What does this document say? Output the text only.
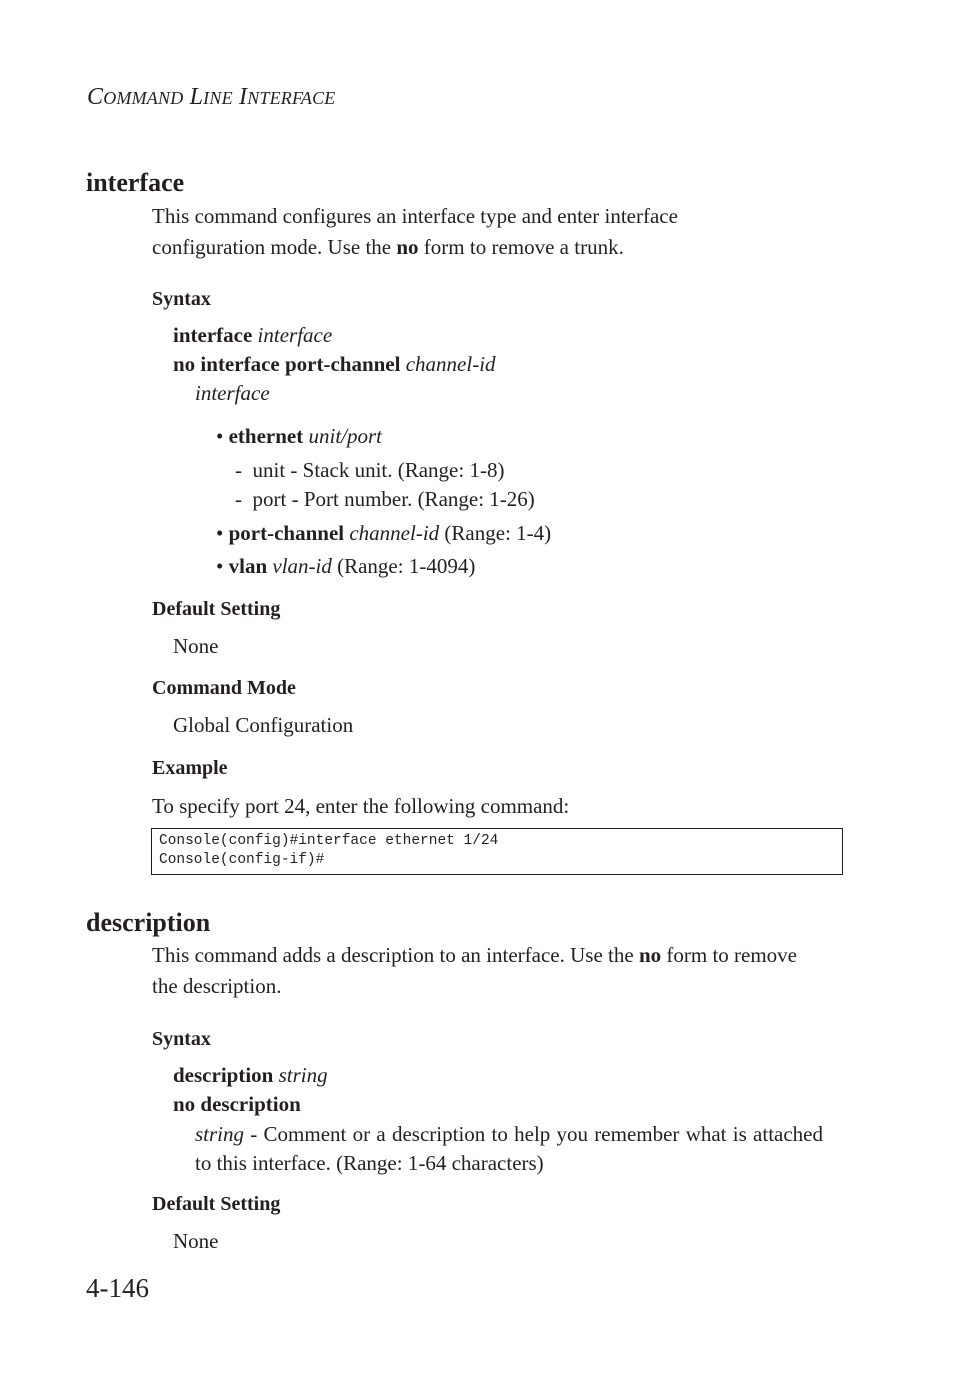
COMMAND LINE INTERFACE
interface
This command configures an interface type and enter interface configuration mode. Use the no form to remove a trunk.
Syntax
interface interface
no interface port-channel channel-id
interface
• ethernet unit/port
-  unit - Stack unit. (Range: 1-8)
-  port - Port number. (Range: 1-26)
• port-channel channel-id (Range: 1-4)
• vlan vlan-id (Range: 1-4094)
Default Setting
None
Command Mode
Global Configuration
Example
To specify port 24, enter the following command:
Console(config)#interface ethernet 1/24
Console(config-if)#
description
This command adds a description to an interface. Use the no form to remove the description.
Syntax
description string
no description
string - Comment or a description to help you remember what is attached to this interface. (Range: 1-64 characters)
Default Setting
None
4-146
